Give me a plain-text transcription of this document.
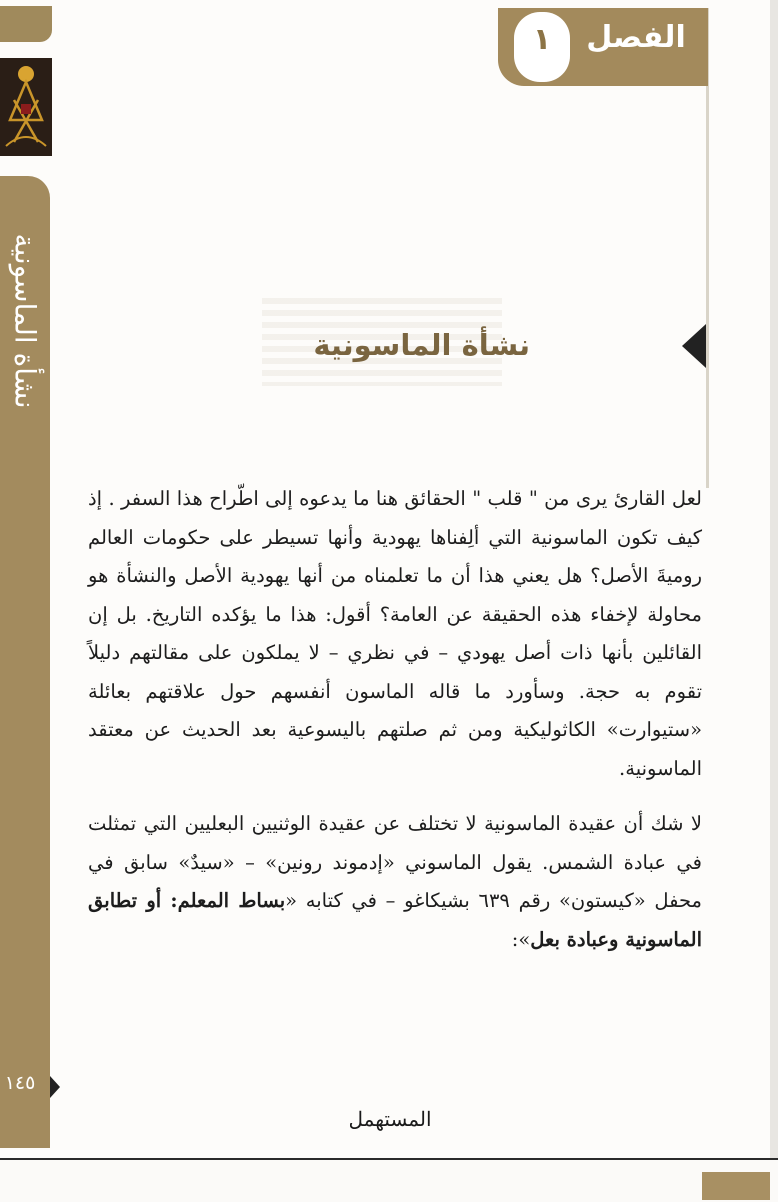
نشأة الماسونية
١٤٥
الفصل
١
نشأة الماسونية

لعل القارئ يرى من " قلب " الحقائق هنا ما يدعوه إلى اطّراح هذا السفر . إذ كيف تكون الماسونية التي ألِفناها يهودية وأنها تسيطر على حكومات العالم روميةَ الأصل؟ هل يعني هذا أن ما تعلمناه من أنها يهودية الأصل والنشأة هو محاولة لإخفاء هذه الحقيقة عن العامة؟ أقول: هذا ما يؤكده التاريخ. بل إن القائلين بأنها ذات أصل يهودي – في نظري – لا يملكون على مقالتهم دليلاً تقوم به حجة. وسأورد ما قاله الماسون أنفسهم حول علاقتهم بعائلة «ستيوارت» الكاثوليكية ومن ثم صلتهم باليسوعية بعد الحديث عن معتقد الماسونية.

لا شك أن عقيدة الماسونية لا تختلف عن عقيدة الوثنيين البعليين التي تمثلت في عبادة الشمس. يقول الماسوني «إدموند رونين» – «سيدٌ» سابق في محفل «كيستون» رقم ٦٣٩ بشيكاغو – في كتابه «بساط المعلم: أو تطابق الماسونية وعبادة بعل»:

المستهمل
